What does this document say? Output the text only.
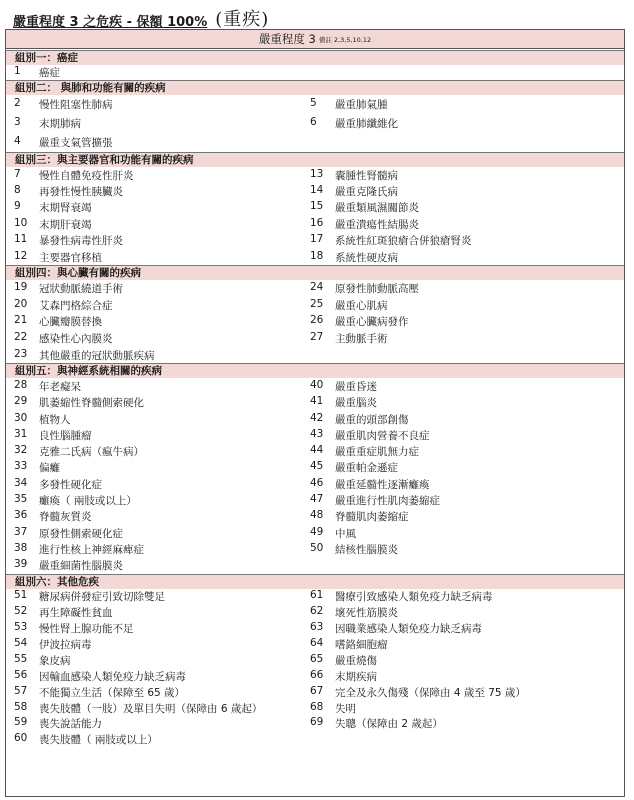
嚴重程度 3 之危疾 - 保額 100% (重疾)
嚴重程度 3 備註 2,3,5,10,12
組別一：癌症
1	癌症
組別二： 與肺和功能有關的疾病
2	慢性阻塞性肺病	5	嚴重肺氣腫
3	末期肺病	6	嚴重肺纖維化
4	嚴重支氣管擴張
組別三：與主要器官和功能有關的疾病
7	慢性自體免疫性肝炎	13	囊腫性腎髓病
8	再發性慢性胰臟炎	14	嚴重克隆氏病
9	末期腎衰竭	15	嚴重類風濕關節炎
10	末期肝衰竭	16	嚴重潰瘍性結腸炎
11	暴發性病毒性肝炎	17	系統性紅斑狼瘡合併狼瘡腎炎
12	主要器官移植	18	系統性硬皮病
組別四：與心臟有關的疾病
19	冠狀動脈繞道手術	24	原發性肺動脈高壓
20	艾森門格綜合症	25	嚴重心肌病
21	心臟瓣膜替換	26	嚴重心臟病發作
22	感染性心內膜炎	27	主動脈手術
23	其他嚴重的冠狀動脈疾病
組別五：與神經系統相關的疾病
28	年老癡呆	40	嚴重昏迷
29	肌萎縮性脊髓側索硬化	41	嚴重腦炎
30	植物人	42	嚴重的頭部創傷
31	良性腦腫瘤	43	嚴重肌肉營養不良症
32	克雅二氏病（瘋牛病）	44	嚴重重症肌無力症
33	偏癱	45	嚴重帕金遜症
34	多發性硬化症	46	嚴重延髓性逐漸癱瘓
35	癱瘓（ 兩肢或以上）	47	嚴重進行性肌肉萎縮症
36	脊髓灰質炎	48	脊髓肌肉萎縮症
37	原發性側索硬化症	49	中風
38	進行性核上神經麻痺症	50	結核性腦膜炎
39	嚴重細菌性腦膜炎
組別六：其他危疾
51	糖尿病併發症引致切除雙足	61	醫療引致感染人類免疫力缺乏病毒
52	再生障礙性貧血	62	壞死性筋膜炎
53	慢性腎上腺功能不足	63	因職業感染人類免疫力缺乏病毒
54	伊波拉病毒	64	嗜鉻細胞瘤
55	象皮病	65	嚴重燒傷
56	因輸血感染人類免疫力缺乏病毒	66	末期疾病
57	不能獨立生活（保障至 65 歲）	67	完全及永久傷殘（保障由 4 歲至 75 歲）
58	喪失肢體（一肢）及單目失明（保障由 6 歲起）	68	失明
59	喪失說話能力	69	失聰（保障由 2 歲起）
60	喪失肢體（ 兩肢或以上）
